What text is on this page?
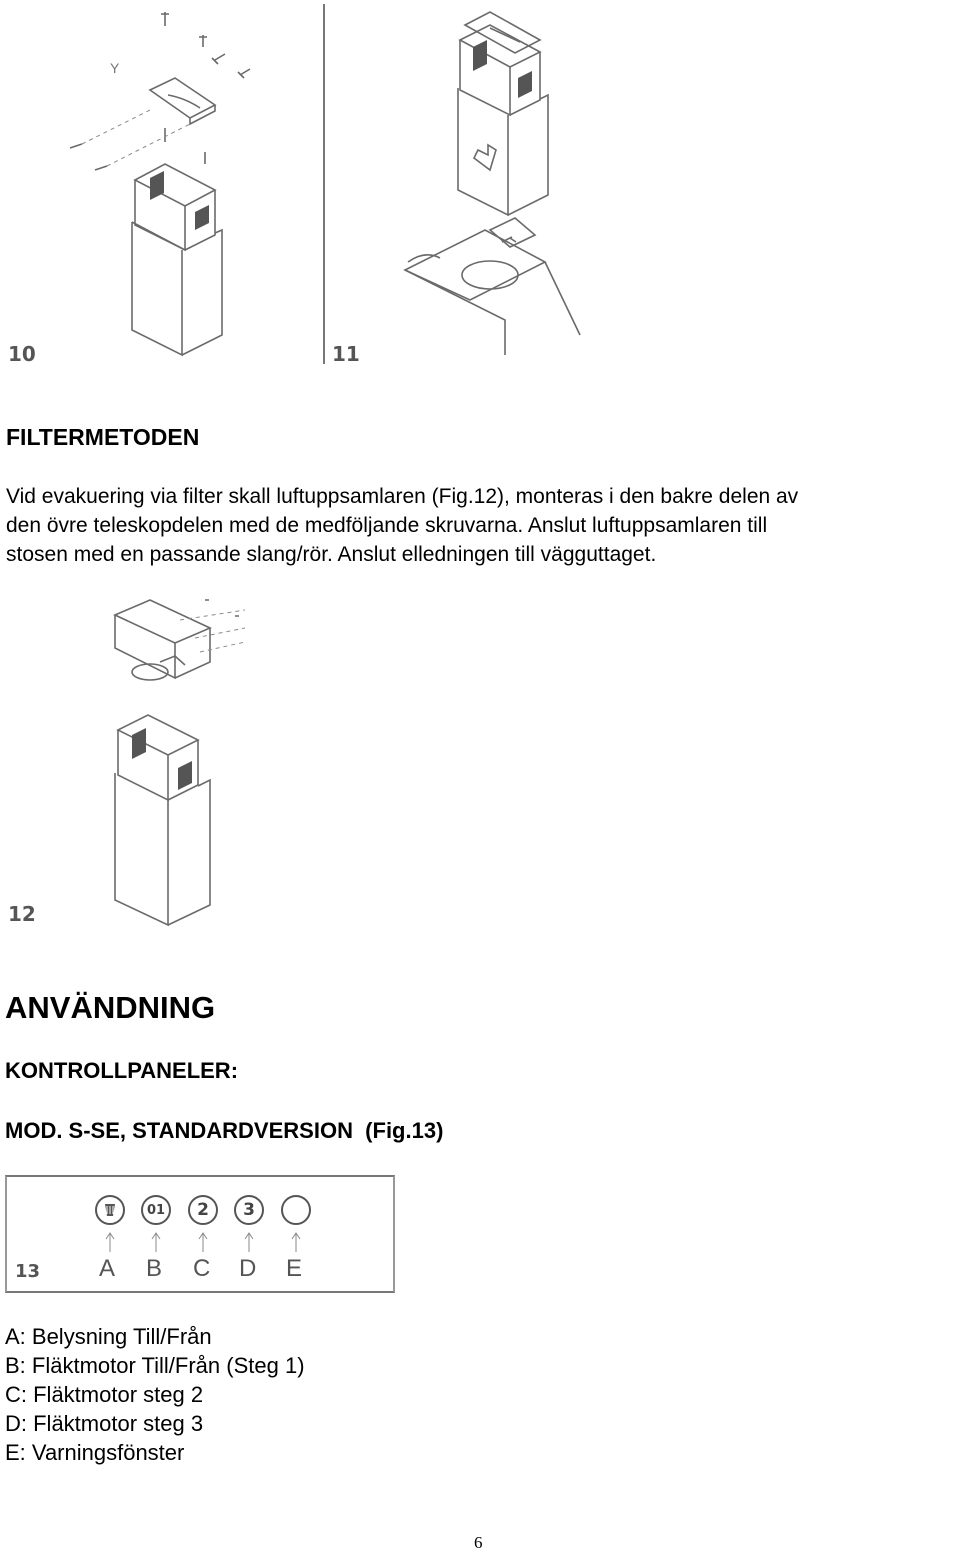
Y
10	11
FILTERMETODEN
Vid evakuering via filter skall luftuppsamlaren (Fig.12), monteras i den bakre delen av
den övre teleskopdelen med de medföljande skruvarna. Anslut luftuppsamlaren till
stosen med en passande slang/rör. Anslut elledningen till vägguttaget.
12
ANVÄNDNING
KONTROLLPANELER:
MOD. S-SE, STANDARDVERSION  (Fig.13)
13
01 2 3
A B C D E
A: Belysning Till/Från
B: Fläktmotor Till/Från (Steg 1)
C: Fläktmotor steg 2
D: Fläktmotor steg 3
E: Varningsfönster
6
